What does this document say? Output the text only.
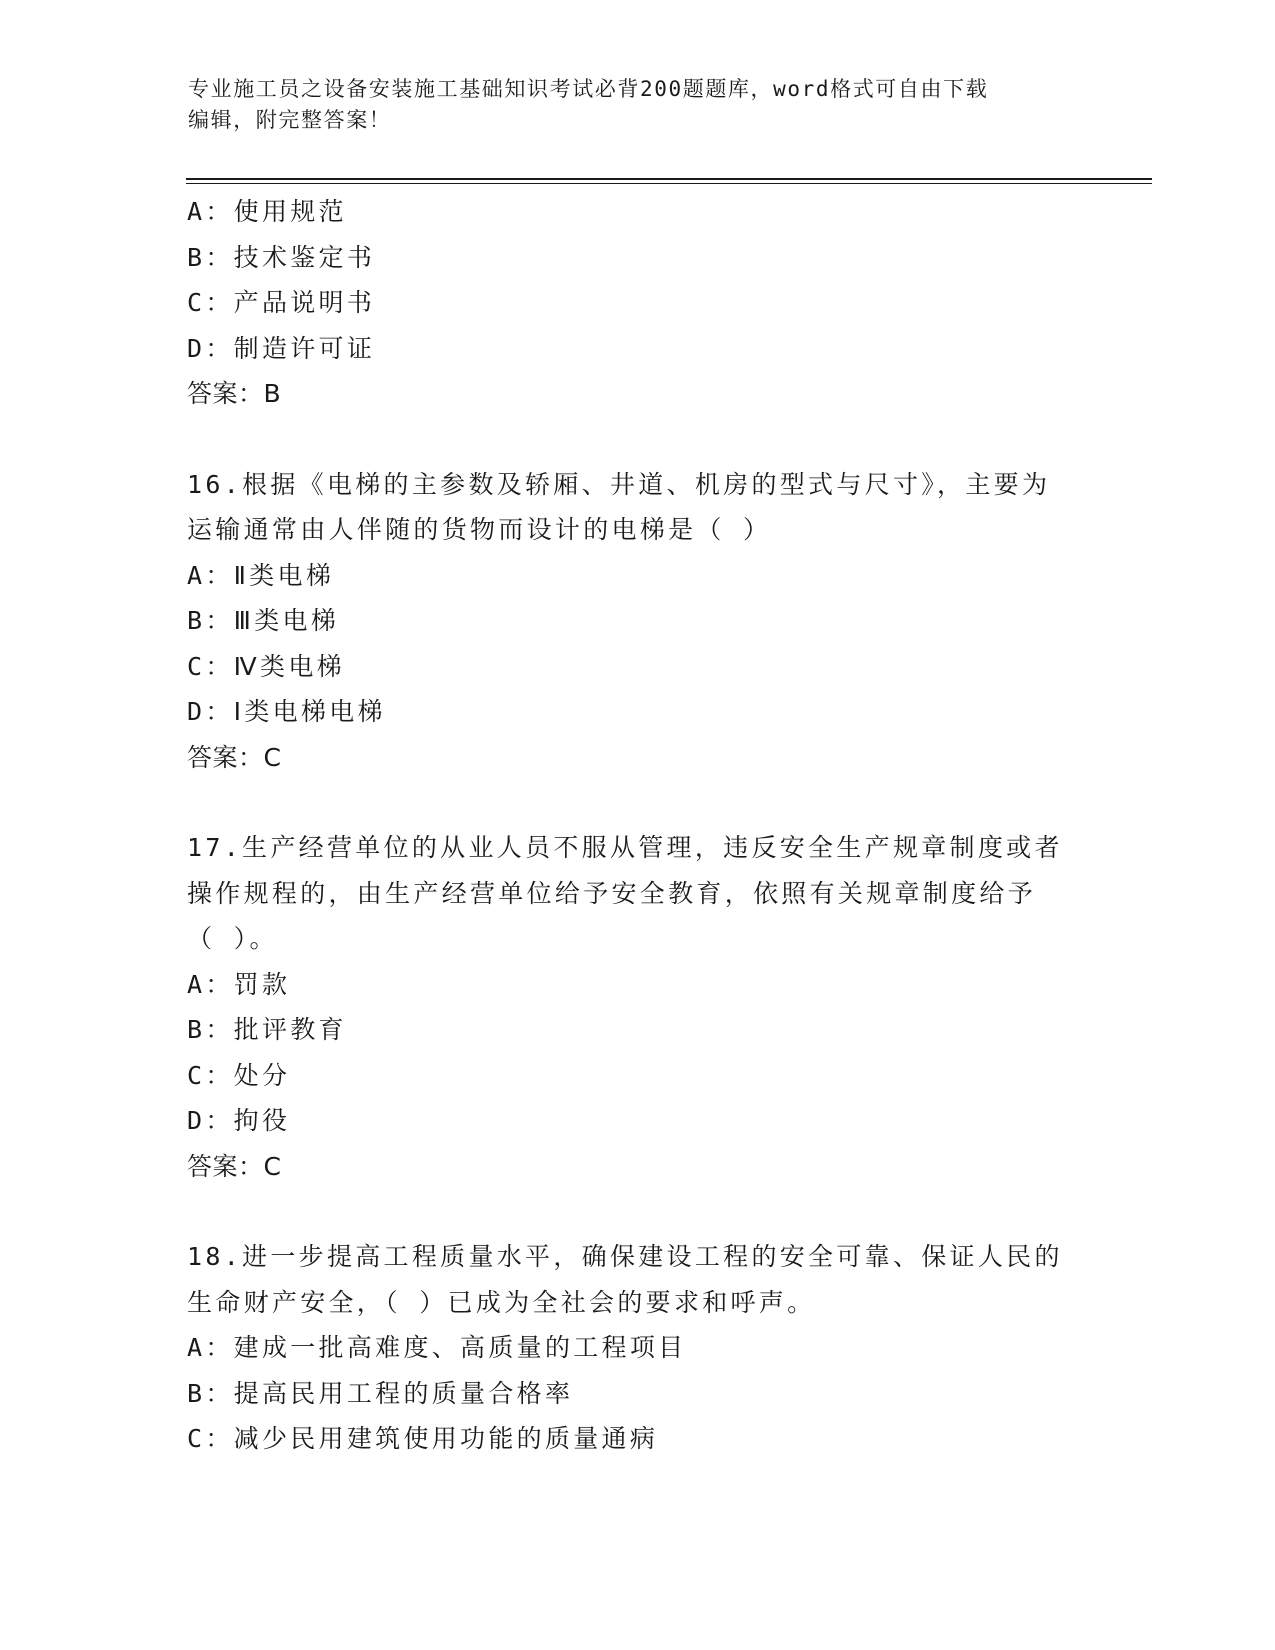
专业施工员之设备安装施工基础知识考试必背200题题库，word格式可自由下载
编辑，附完整答案！
A：使用规范
B：技术鉴定书
C：产品说明书
D：制造许可证
答案：B
16.根据《电梯的主参数及轿厢、井道、机房的型式与尺寸》，主要为
运输通常由人伴随的货物而设计的电梯是（ ）
A：Ⅱ类电梯
B：Ⅲ类电梯
C：Ⅳ类电梯
D：Ⅰ类电梯电梯
答案：C
17.生产经营单位的从业人员不服从管理，违反安全生产规章制度或者
操作规程的，由生产经营单位给予安全教育，依照有关规章制度给予
（ ）。
A：罚款
B：批评教育
C：处分
D：拘役
答案：C
18.进一步提高工程质量水平，确保建设工程的安全可靠、保证人民的
生命财产安全，（ ）已成为全社会的要求和呼声。
A：建成一批高难度、高质量的工程项目
B：提高民用工程的质量合格率
C：减少民用建筑使用功能的质量通病
